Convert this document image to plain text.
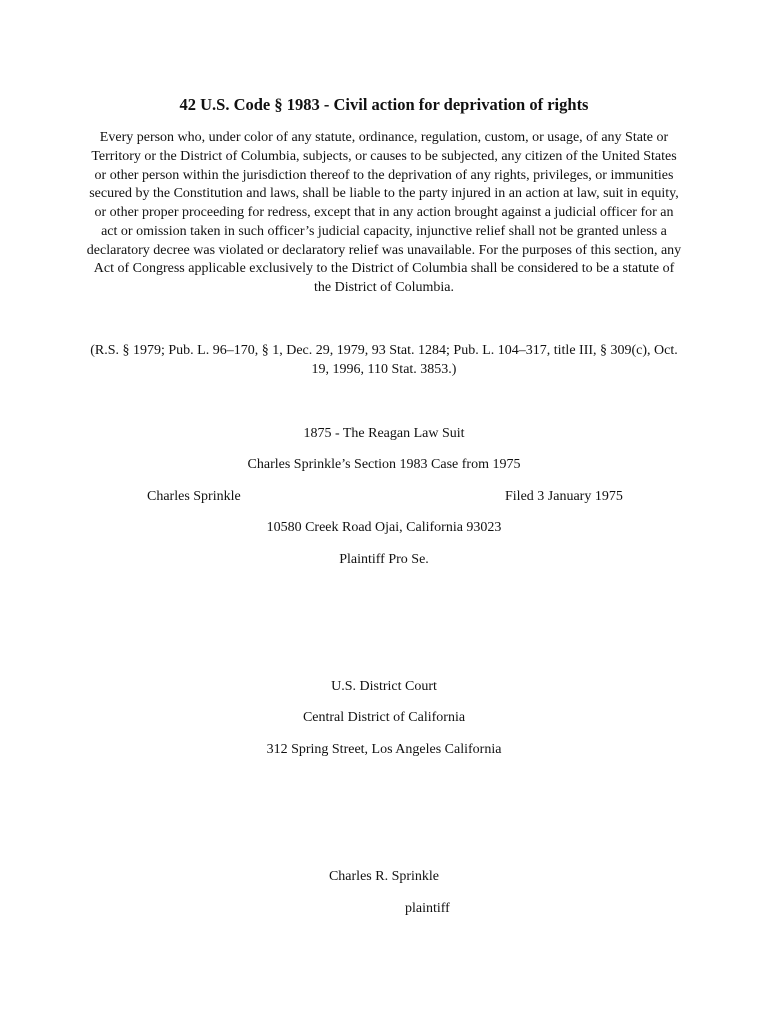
42 U.S. Code § 1983 - Civil action for deprivation of rights
Every person who, under color of any statute, ordinance, regulation, custom, or usage, of any State or
Territory or the District of Columbia, subjects, or causes to be subjected, any citizen of the United States
or other person within the jurisdiction thereof to the deprivation of any rights, privileges, or immunities
secured by the Constitution and laws, shall be liable to the party injured in an action at law, suit in equity,
or other proper proceeding for redress, except that in any action brought against a judicial officer for an
act or omission taken in such officer’s judicial capacity, injunctive relief shall not be granted unless a
declaratory decree was violated or declaratory relief was unavailable. For the purposes of this section, any
Act of Congress applicable exclusively to the District of Columbia shall be considered to be a statute of
the District of Columbia.
(R.S. § 1979; Pub. L. 96–170, § 1, Dec. 29, 1979, 93 Stat. 1284; Pub. L. 104–317, title III, § 309(c), Oct.
19, 1996, 110 Stat. 3853.)
1875 - The Reagan Law Suit
Charles Sprinkle’s Section 1983 Case from 1975
Charles Sprinkle	Filed 3 January 1975
10580 Creek Road Ojai, California 93023
Plaintiff Pro Se.
U.S. District Court
Central District of California
312 Spring Street, Los Angeles California
Charles R. Sprinkle
plaintiff
